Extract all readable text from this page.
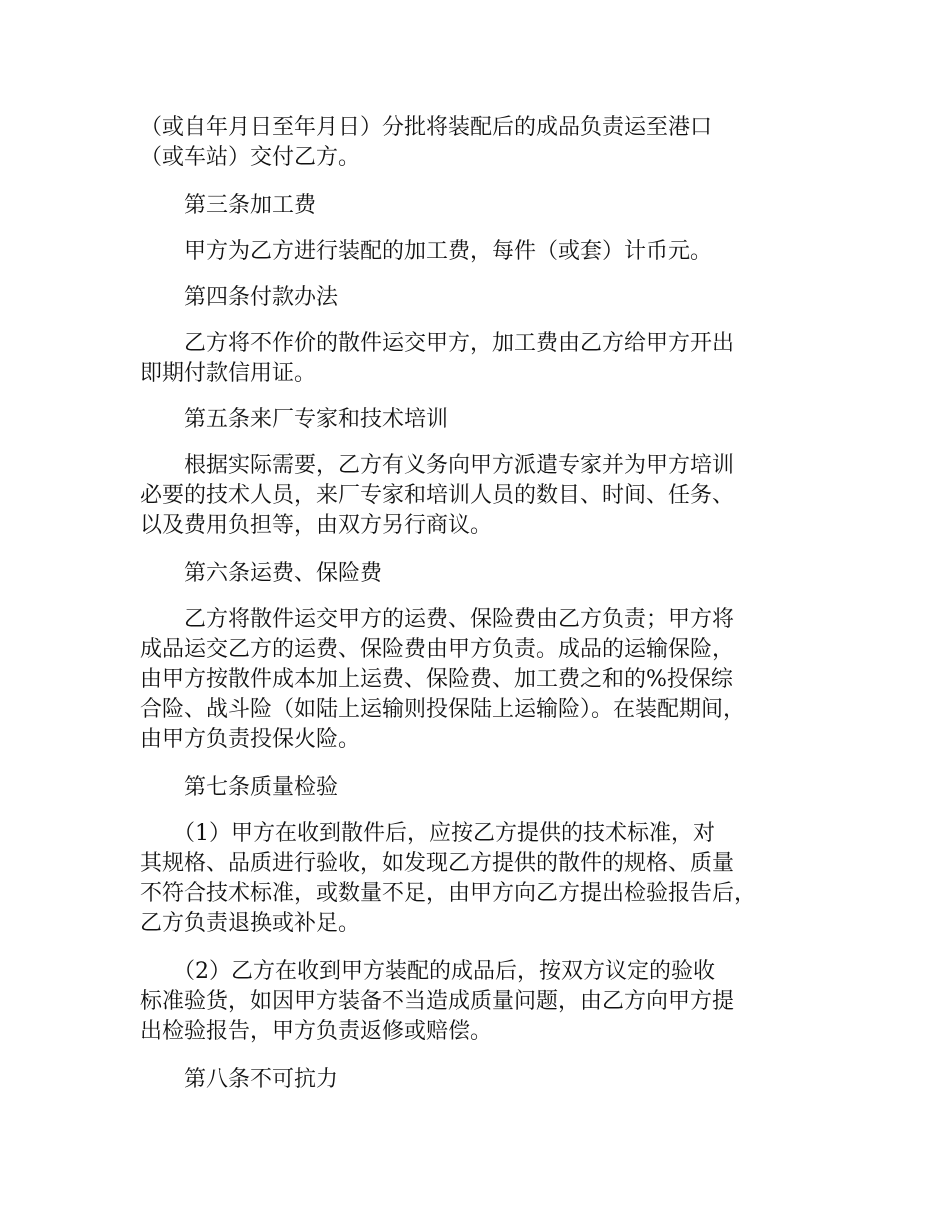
（或自年月日至年月日）分批将装配后的成品负责运至港口
（或车站）交付乙方。
　　第三条加工费
　　甲方为乙方进行装配的加工费，每件（或套）计币元。
　　第四条付款办法
　　乙方将不作价的散件运交甲方，加工费由乙方给甲方开出
即期付款信用证。
　　第五条来厂专家和技术培训
　　根据实际需要，乙方有义务向甲方派遣专家并为甲方培训
必要的技术人员，来厂专家和培训人员的数目、时间、任务、
以及费用负担等，由双方另行商议。
　　第六条运费、保险费
　　乙方将散件运交甲方的运费、保险费由乙方负责；甲方将
成品运交乙方的运费、保险费由甲方负责。成品的运输保险，
由甲方按散件成本加上运费、保险费、加工费之和的%投保综
合险、战斗险（如陆上运输则投保陆上运输险）。在装配期间，
由甲方负责投保火险。
　　第七条质量检验
　　（1）甲方在收到散件后，应按乙方提供的技术标准，对
其规格、品质进行验收，如发现乙方提供的散件的规格、质量
不符合技术标准，或数量不足，由甲方向乙方提出检验报告后，
乙方负责退换或补足。
　　（2）乙方在收到甲方装配的成品后，按双方议定的验收
标准验货，如因甲方装备不当造成质量问题，由乙方向甲方提
出检验报告，甲方负责返修或赔偿。
　　第八条不可抗力
